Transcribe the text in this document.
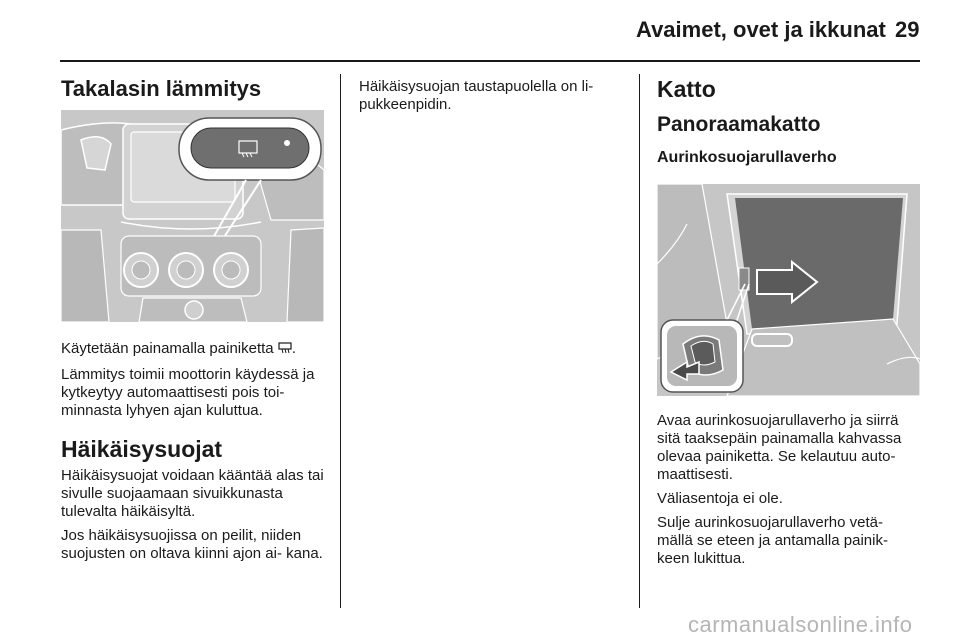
Avaimet, ovet ja ikkunat 29
Takalasin lämmitys

Käytetään painamalla painiketta .

Lämmitys toimii moottorin käydessä ja kytkeytyy automaattisesti pois toi- minnasta lyhyen ajan kuluttua.

Häikäisysuojat

Häikäisysuojat voidaan kääntää alas tai sivulle suojaamaan sivuikkunasta tulevalta häikäisyltä.

Jos häikäisysuojissa on peilit, niiden suojusten on oltava kiinni ajon ai- kana.

Häikäisysuojan taustapuolella on li- pukkeenpidin.

Katto
Panoraamakatto
Aurinkosuojarullaverho

Avaa aurinkosuojarullaverho ja siirrä sitä taaksepäin painamalla kahvassa olevaa painiketta. Se kelautuu auto- maattisesti.

Väliasentoja ei ole.

Sulje aurinkosuojarullaverho vetä- mällä se eteen ja antamalla painik- keen lukittua.

carmanualsonline.info
